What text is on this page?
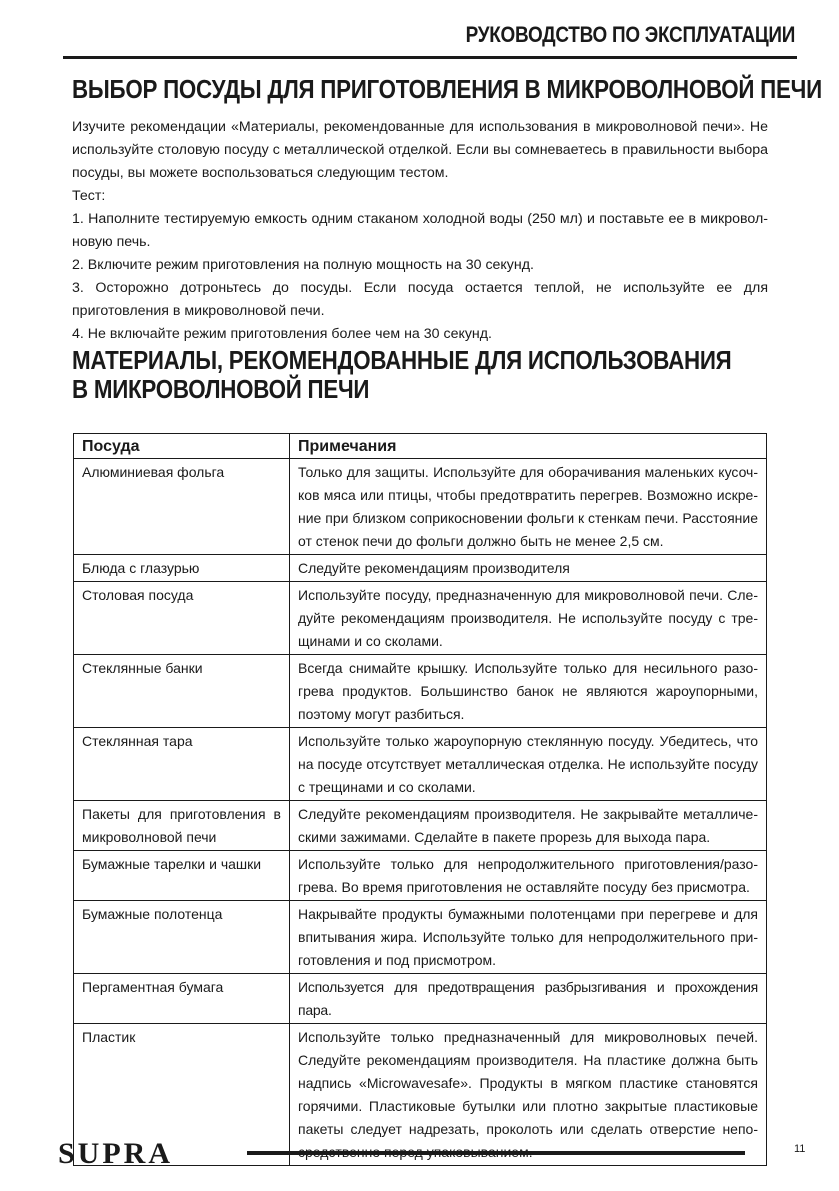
РУКОВОДСТВО ПО ЭКСПЛУАТАЦИИ
ВЫБОР ПОСУДЫ ДЛЯ ПРИГОТОВЛЕНИЯ В МИКРОВОЛНОВОЙ ПЕЧИ

Изучите рекомендации «Материалы, рекомендованные для использования в микроволновой печи». Не используйте столовую посуду с металлической отделкой. Если вы сомневаетесь в правильности выбора посуды, вы можете воспользоваться следующим тестом.

Тест:

1. Наполните тестируемую емкость одним стаканом холодной воды (250 мл) и поставьте ее в микровол-новую печь.

2. Включите режим приготовления на полную мощность на 30 секунд.

3. Осторожно дотроньтесь до посуды. Если посуда остается теплой, не используйте ее для приготовления в микроволновой печи.

4. Не включайте режим приготовления более чем на 30 секунд.

МАТЕРИАЛЫ, РЕКОМЕНДОВАННЫЕ ДЛЯ ИСПОЛЬЗОВАНИЯ
В МИКРОВОЛНОВОЙ ПЕЧИ
Посуда	Примечания
Алюминиевая фольга	Только для защиты. Используйте для оборачивания маленьких кусоч-ков мяса или птицы, чтобы предотвратить перегрев. Возможно искре-ние при близком соприкосновении фольги к стенкам печи. Расстояние от стенок печи до фольги должно быть не менее 2,5 см.
Блюда с глазурью	Следуйте рекомендациям производителя
Столовая посуда	Используйте посуду, предназначенную для микроволновой печи. Сле-дуйте рекомендациям производителя. Не используйте посуду с тре-щинами и со сколами.
Стеклянные банки	Всегда снимайте крышку. Используйте только для несильного разо-грева продуктов. Большинство банок не являются жароупорными, поэтому могут разбиться.
Стеклянная тара	Используйте только жароупорную стеклянную посуду. Убедитесь, что на посуде отсутствует металлическая отделка. Не используйте посуду с трещинами и со сколами.
Пакеты для приготовления в микроволновой печи	Следуйте рекомендациям производителя. Не закрывайте металличе-скими зажимами. Сделайте в пакете прорезь для выхода пара.
Бумажные тарелки и чашки	Используйте только для непродолжительного приготовления/разо-грева. Во время приготовления не оставляйте посуду без присмотра.
Бумажные полотенца	Накрывайте продукты бумажными полотенцами при перегреве и для впитывания жира. Используйте только для непродолжительного при-готовления и под присмотром.
Пергаментная бумага	Используется для предотвращения разбрызгивания и прохождения пара.
Пластик	Используйте только предназначенный для микроволновых печей. Следуйте рекомендациям производителя. На пластике должна быть надпись «Microwavesafe». Продукты в мягком пластике становятся горячими. Пластиковые бутылки или плотно закрытые пластиковые пакеты следует надрезать, проколоть или сделать отверстие непо-
SUPRA	11
